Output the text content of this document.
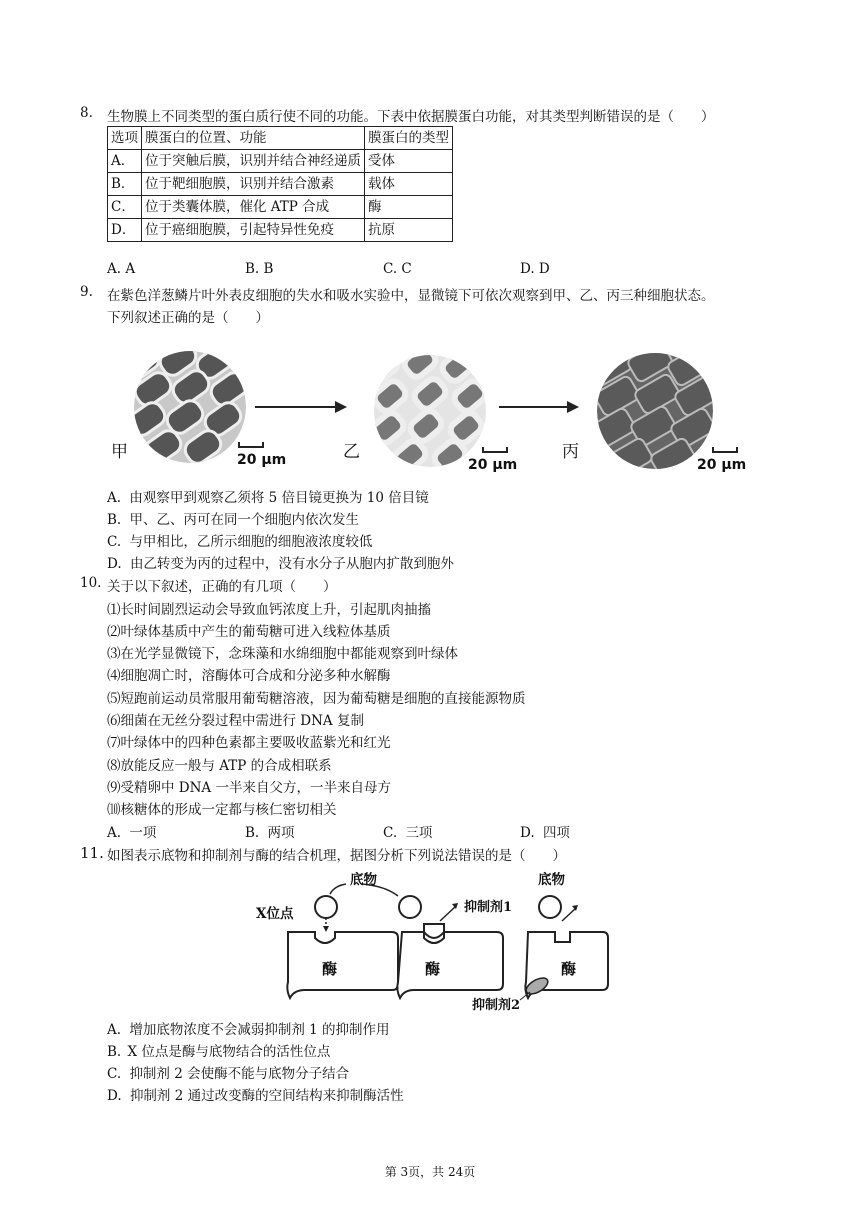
8. 生物膜上不同类型的蛋白质行使不同的功能。下表中依据膜蛋白功能，对其类型判断错误的是（　　）
选项	膜蛋白的位置、功能	膜蛋白的类型
A．	位于突触后膜，识别并结合神经递质	受体
B．	位于靶细胞膜，识别并结合激素	载体
C．	位于类囊体膜，催化 ATP 合成	酶
D．	位于癌细胞膜，引起特异性免疫	抗原
A. A	B. B	C. C	D. D
9. 在紫色洋葱鳞片叶外表皮细胞的失水和吸水实验中，显微镜下可依次观察到甲、乙、丙三种细胞状态。
下列叙述正确的是（　　）
甲	乙	丙
20 μm	20 μm	20 μm
A. 由观察甲到观察乙须将 5 倍目镜更换为 10 倍目镜
B. 甲、乙、丙可在同一个细胞内依次发生
C. 与甲相比，乙所示细胞的细胞液浓度较低
D. 由乙转变为丙的过程中，没有水分子从胞内扩散到胞外
10. 关于以下叙述，正确的有几项（　　）
⑴长时间剧烈运动会导致血钙浓度上升，引起肌肉抽搐
⑵叶绿体基质中产生的葡萄糖可进入线粒体基质
⑶在光学显微镜下，念珠藻和水绵细胞中都能观察到叶绿体
⑷细胞凋亡时，溶酶体可合成和分泌多种水解酶
⑸短跑前运动员常服用葡萄糖溶液，因为葡萄糖是细胞的直接能源物质
⑹细菌在无丝分裂过程中需进行 DNA 复制
⑺叶绿体中的四种色素都主要吸收蓝紫光和红光
⑻放能反应一般与 ATP 的合成相联系
⑼受精卵中 DNA 一半来自父方，一半来自母方
⑽核糖体的形成一定都与核仁密切相关
A. 一项	B. 两项	C. 三项	D. 四项
11. 如图表示底物和抑制剂与酶的结合机理，据图分析下列说法错误的是（　　）
底物	底物
X位点	抑制剂1
抑制剂2
酶	酶	酶
A. 增加底物浓度不会减弱抑制剂 1 的抑制作用
B. X 位点是酶与底物结合的活性位点
C. 抑制剂 2 会使酶不能与底物分子结合
D. 抑制剂 2 通过改变酶的空间结构来抑制酶活性
第 3页，共 24页
